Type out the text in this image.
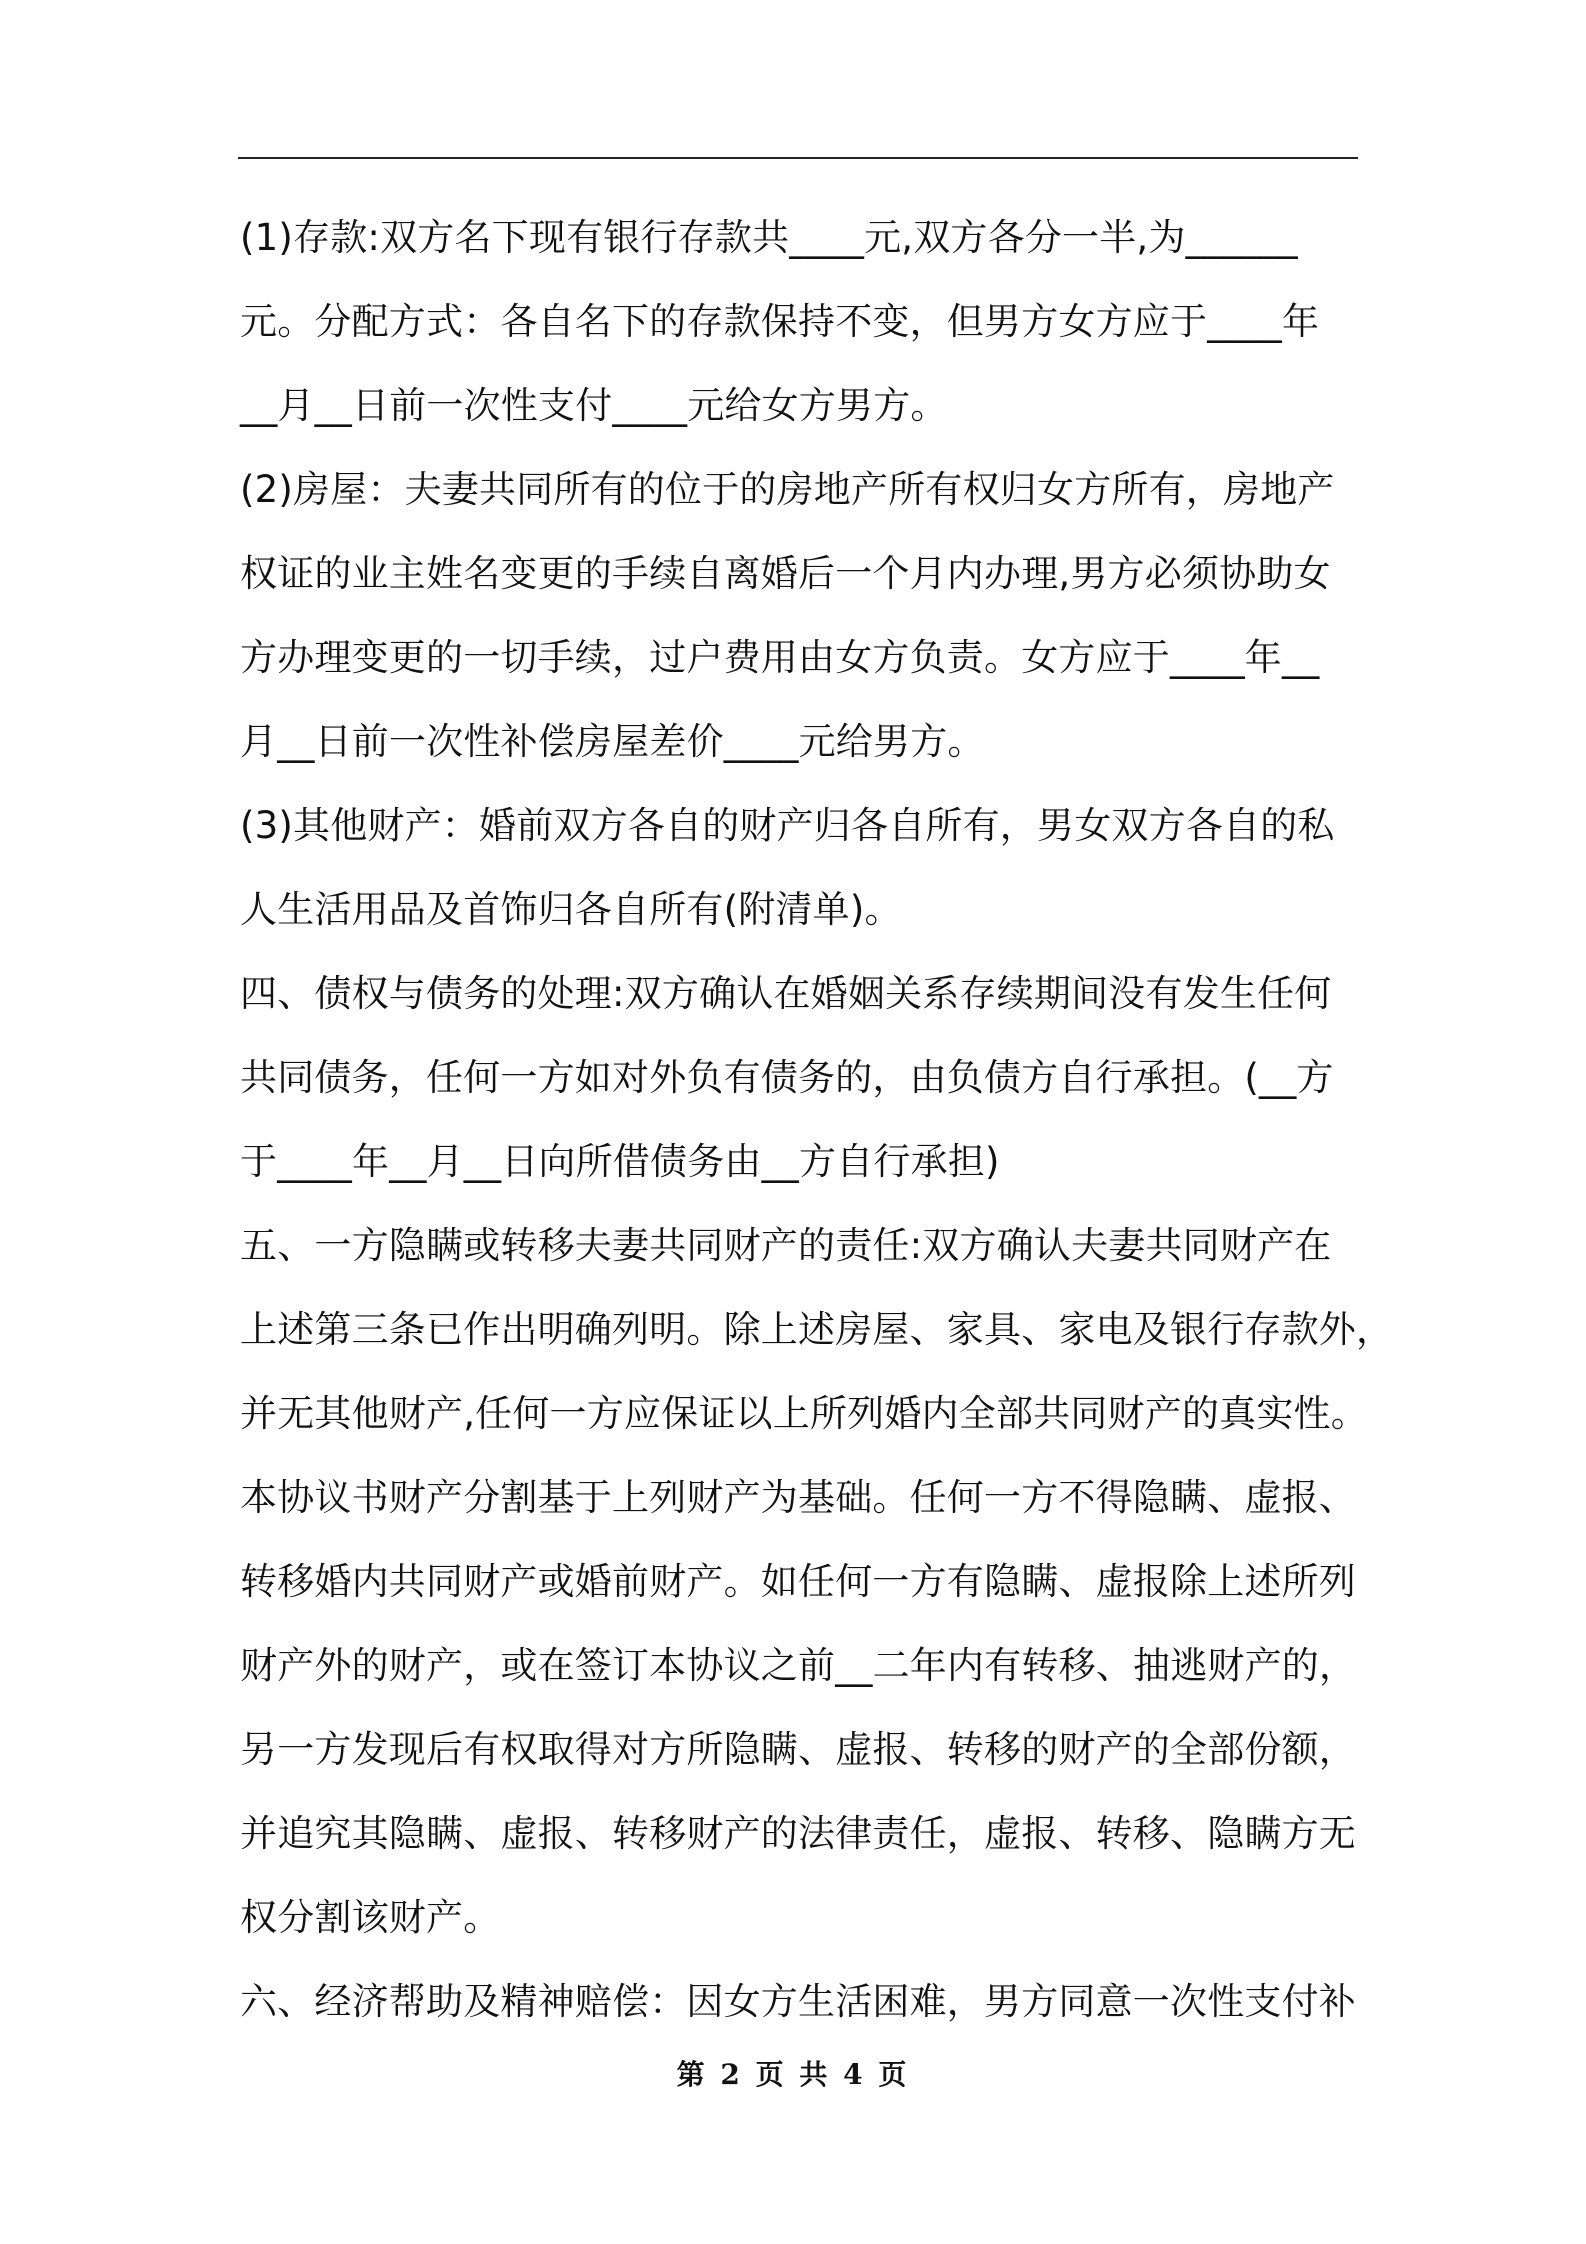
(1)存款:双方名下现有银行存款共____元,双方各分一半,为______
元。分配方式：各自名下的存款保持不变，但男方女方应于____年
__月__日前一次性支付____元给女方男方。
(2)房屋：夫妻共同所有的位于的房地产所有权归女方所有，房地产
权证的业主姓名变更的手续自离婚后一个月内办理,男方必须协助女
方办理变更的一切手续，过户费用由女方负责。女方应于____年__
月__日前一次性补偿房屋差价____元给男方。
(3)其他财产：婚前双方各自的财产归各自所有，男女双方各自的私
人生活用品及首饰归各自所有(附清单)。
四、债权与债务的处理:双方确认在婚姻关系存续期间没有发生任何
共同债务，任何一方如对外负有债务的，由负债方自行承担。(__方
于____年__月__日向所借债务由__方自行承担)
五、一方隐瞒或转移夫妻共同财产的责任:双方确认夫妻共同财产在
上述第三条已作出明确列明。除上述房屋、家具、家电及银行存款外，
并无其他财产,任何一方应保证以上所列婚内全部共同财产的真实性。
本协议书财产分割基于上列财产为基础。任何一方不得隐瞒、虚报、
转移婚内共同财产或婚前财产。如任何一方有隐瞒、虚报除上述所列
财产外的财产，或在签订本协议之前__二年内有转移、抽逃财产的，
另一方发现后有权取得对方所隐瞒、虚报、转移的财产的全部份额，
并追究其隐瞒、虚报、转移财产的法律责任，虚报、转移、隐瞒方无
权分割该财产。
六、经济帮助及精神赔偿：因女方生活困难，男方同意一次性支付补
第 2 页 共 4 页
